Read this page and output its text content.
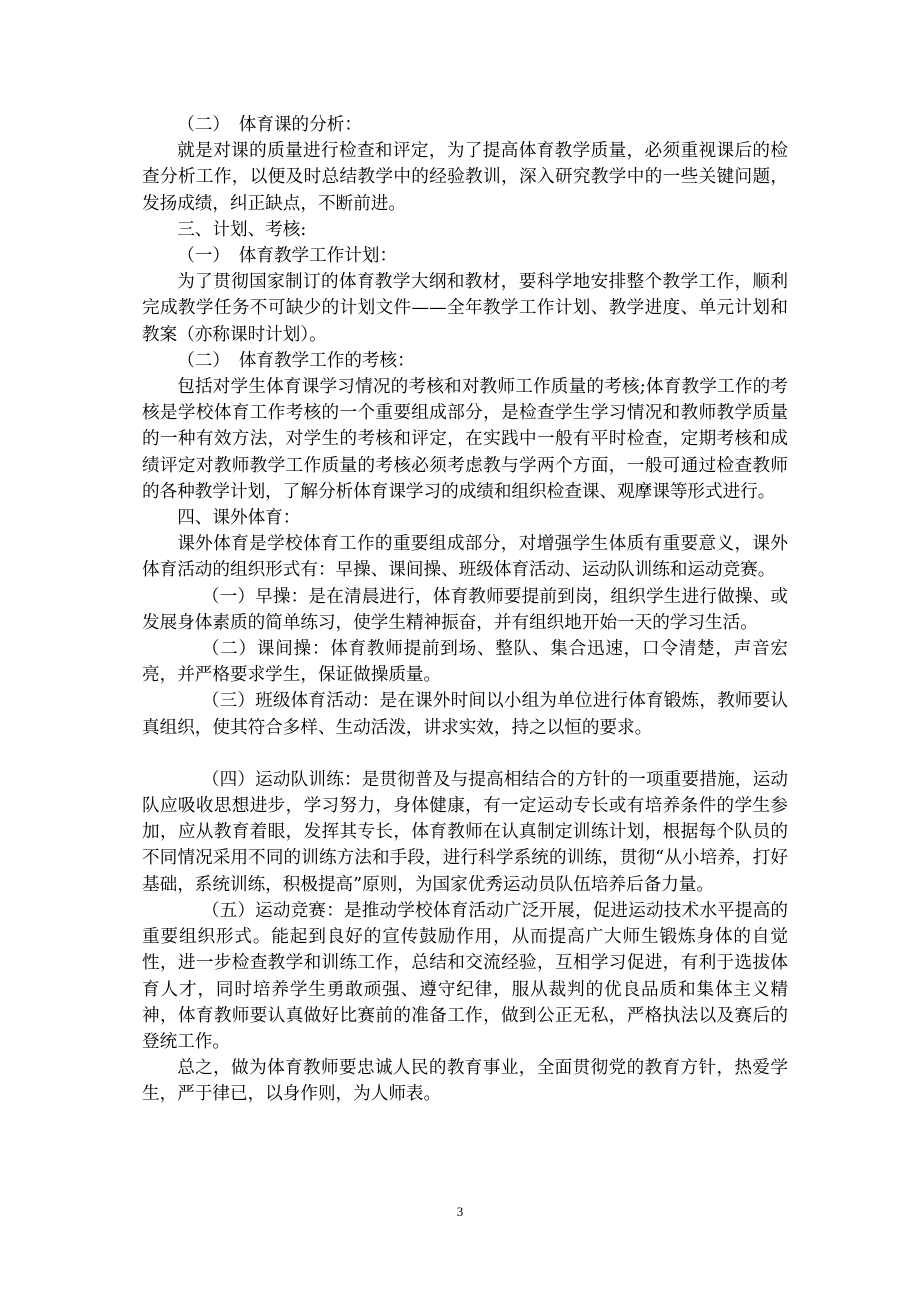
（二）　体育课的分析：

就是对课的质量进行检查和评定，为了提高体育教学质量，必须重视课后的检查分析工作，以便及时总结教学中的经验教训，深入研究教学中的一些关键问题，发扬成绩，纠正缺点，不断前进。

三、计划、考核:

（一）　体育教学工作计划：

为了贯彻国家制订的体育教学大纲和教材，要科学地安排整个教学工作，顺利完成教学任务不可缺少的计划文件——全年教学工作计划、教学进度、单元计划和教案（亦称课时计划）。

（二）　体育教学工作的考核：

包括对学生体育课学习情况的考核和对教师工作质量的考核;体育教学工作的考核是学校体育工作考核的一个重要组成部分，是检查学生学习情况和教师教学质量的一种有效方法，对学生的考核和评定，在实践中一般有平时检查，定期考核和成绩评定对教师教学工作质量的考核必须考虑教与学两个方面，一般可通过检查教师的各种教学计划，了解分析体育课学习的成绩和组织检查课、观摩课等形式进行。

四、课外体育：

课外体育是学校体育工作的重要组成部分，对增强学生体质有重要意义，课外体育活动的组织形式有：早操、课间操、班级体育活动、运动队训练和运动竞赛。

（一）早操：是在清晨进行，体育教师要提前到岗，组织学生进行做操、或发展身体素质的简单练习，使学生精神振奋，并有组织地开始一天的学习生活。

（二）课间操：体育教师提前到场、整队、集合迅速，口令清楚，声音宏亮，并严格要求学生，保证做操质量。

（三）班级体育活动：是在课外时间以小组为单位进行体育锻炼，教师要认真组织，使其符合多样、生动活泼，讲求实效，持之以恒的要求。

（四）运动队训练：是贯彻普及与提高相结合的方针的一项重要措施，运动队应吸收思想进步，学习努力，身体健康，有一定运动专长或有培养条件的学生参加，应从教育着眼，发挥其专长，体育教师在认真制定训练计划，根据每个队员的不同情况采用不同的训练方法和手段，进行科学系统的训练，贯彻“从小培养，打好基础，系统训练，积极提高”原则，为国家优秀运动员队伍培养后备力量。

（五）运动竞赛：是推动学校体育活动广泛开展，促进运动技术水平提高的重要组织形式。能起到良好的宣传鼓励作用，从而提高广大师生锻炼身体的自觉性，进一步检查教学和训练工作，总结和交流经验，互相学习促进，有利于选拔体育人才，同时培养学生勇敢顽强、遵守纪律，服从裁判的优良品质和集体主义精神，体育教师要认真做好比赛前的准备工作，做到公正无私，严格执法以及赛后的登统工作。

总之，做为体育教师要忠诚人民的教育事业，全面贯彻党的教育方针，热爱学生，严于律已，以身作则，为人师表。

3
